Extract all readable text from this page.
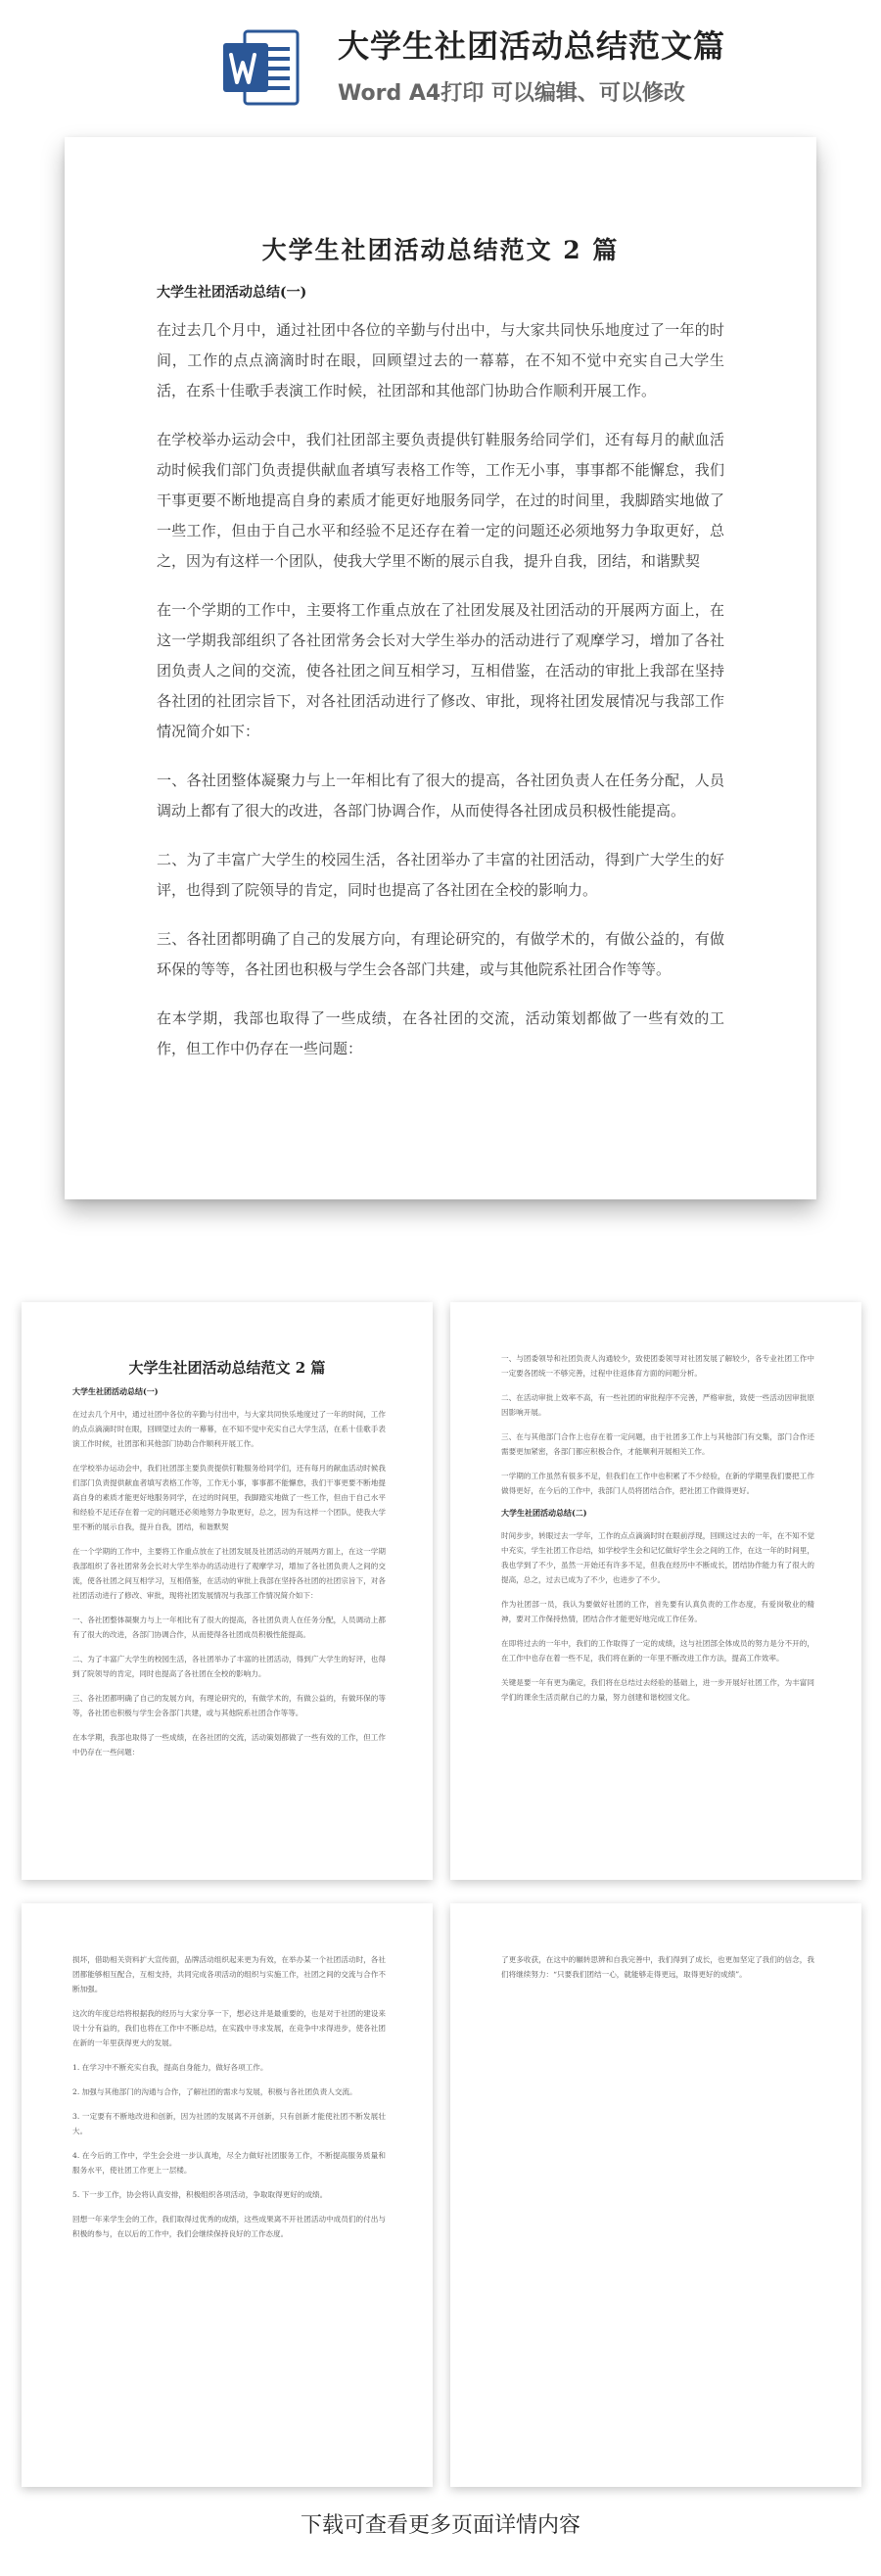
大学生社团活动总结范文篇
Word A4打印 可以编辑、可以修改
大学生社团活动总结范文 2 篇
大学生社团活动总结(一)

在过去几个月中，通过社团中各位的辛勤与付出中，与大家共同快乐地度过了一年的时间，工作的点点滴滴时时在眼，回顾望过去的一幕幕，在不知不觉中充实自己大学生活，在系十佳歌手表演工作时候，社团部和其他部门协助合作顺利开展工作。

在学校举办运动会中，我们社团部主要负责提供钉鞋服务给同学们，还有每月的献血活动时候我们部门负责提供献血者填写表格工作等，工作无小事，事事都不能懈怠，我们干事更要不断地提高自身的素质才能更好地服务同学，在过的时间里，我脚踏实地做了一些工作，但由于自己水平和经验不足还存在着一定的问题还必须地努力争取更好，总之，因为有这样一个团队，使我大学里不断的展示自我，提升自我，团结，和谐默契

在一个学期的工作中，主要将工作重点放在了社团发展及社团活动的开展两方面上，在这一学期我部组织了各社团常务会长对大学生举办的活动进行了观摩学习，增加了各社团负责人之间的交流，使各社团之间互相学习，互相借鉴，在活动的审批上我部在坚持各社团的社团宗旨下，对各社团活动进行了修改、审批，现将社团发展情况与我部工作情况简介如下：

一、各社团整体凝聚力与上一年相比有了很大的提高，各社团负责人在任务分配，人员调动上都有了很大的改进，各部门协调合作，从而使得各社团成员积极性能提高。

二、为了丰富广大学生的校园生活，各社团举办了丰富的社团活动，得到广大学生的好评，也得到了院领导的肯定，同时也提高了各社团在全校的影响力。

三、各社团都明确了自己的发展方向，有理论研究的，有做学术的，有做公益的，有做环保的等等，各社团也积极与学生会各部门共建，或与其他院系社团合作等等。

在本学期，我部也取得了一些成绩，在各社团的交流，活动策划都做了一些有效的工作，但工作中仍存在一些问题：

大学生社团活动总结范文 2 篇
大学生社团活动总结(一)

在过去几个月中，通过社团中各位的辛勤与付出中，与大家共同快乐地度过了一年的时间，工作的点点滴滴时时在眼，回顾望过去的一幕幕，在不知不觉中充实自己大学生活，在系十佳歌手表演工作时候，社团部和其他部门协助合作顺利开展工作。

在学校举办运动会中，我们社团部主要负责提供钉鞋服务给同学们，还有每月的献血活动时候我们部门负责提供献血者填写表格工作等，工作无小事，事事都不能懈怠，我们干事更要不断地提高自身的素质才能更好地服务同学，在过的时间里，我脚踏实地做了一些工作，但由于自己水平和经验不足还存在着一定的问题还必须地努力争取更好，总之，因为有这样一个团队，使我大学里不断的展示自我，提升自我，团结，和谐默契

在一个学期的工作中，主要将工作重点放在了社团发展及社团活动的开展两方面上，在这一学期我部组织了各社团常务会长对大学生举办的活动进行了观摩学习，增加了各社团负责人之间的交流，使各社团之间互相学习，互相借鉴，在活动的审批上我部在坚持各社团的社团宗旨下，对各社团活动进行了修改、审批，现将社团发展情况与我部工作情况简介如下：

一、各社团整体凝聚力与上一年相比有了很大的提高，各社团负责人在任务分配，人员调动上都有了很大的改进，各部门协调合作，从而使得各社团成员积极性能提高。

二、为了丰富广大学生的校园生活，各社团举办了丰富的社团活动，得到广大学生的好评，也得到了院领导的肯定，同时也提高了各社团在全校的影响力。

三、各社团都明确了自己的发展方向，有理论研究的，有做学术的，有做公益的，有做环保的等等，各社团也积极与学生会各部门共建，或与其他院系社团合作等等。

在本学期，我部也取得了一些成绩，在各社团的交流，活动策划都做了一些有效的工作，但工作中仍存在一些问题：

一、与团委领导和社团负责人沟通较少，致使团委领导对社团发展了解较少，各专业社团工作中一定要各团统一不够完善，过程中往返体育方面的问题分析。

二、在活动审批上效率不高，有一些社团的审批程序不完善，严格审批，致使一些活动因审批原因影响开展。

三、在与其他部门合作上也存在着一定问题，由于社团多工作上与其他部门有交集，部门合作还需要更加紧密，各部门都应积极合作，才能顺利开展相关工作。

一学期的工作虽然有很多不足，但我们在工作中也积累了不少经验，在新的学期里我们要把工作做得更好，在今后的工作中，我部门人员将团结合作，把社团工作做得更好。

大学生社团活动总结(二)

时间步步，转眼过去一学年，工作的点点滴滴时时在眼前浮现，回顾这过去的一年，在不知不觉中充实，学生社团工作总结，如学校学生会和记忆做好学生会之间的工作，在这一年的时间里，我也学到了不少，虽然一开始还有许多不足，但我在经历中不断成长，团结协作能力有了很大的提高，总之，过去已成为了不少，也进步了不少。

作为社团部一员，我认为要做好社团的工作，首先要有认真负责的工作态度，有爱岗敬业的精神，要对工作保持热情，团结合作才能更好地完成工作任务。

在即将过去的一年中，我们的工作取得了一定的成绩，这与社团部全体成员的努力是分不开的，在工作中也存在着一些不足，我们将在新的一年里不断改进工作方法，提高工作效率。

关键是要一年有更为确定，我们将在总结过去经验的基础上，进一步开展好社团工作，为丰富同学们的课余生活贡献自己的力量，努力创建和谐校园文化。

损坏，借助相关资料扩大宣传面，品牌活动组织起来更为有效，在举办某一个社团活动时，各社团都能够相互配合，互相支持，共同完成各项活动的组织与实施工作，社团之间的交流与合作不断加强。

这次的年度总结将根据我的经历与大家分享一下，想必这并是最重要的，也是对于社团的建设来说十分有益的，我们也将在工作中不断总结，在实践中寻求发展，在竞争中求得进步，使各社团在新的一年里获得更大的发展。

1. 在学习中不断充实自我，提高自身能力，做好各项工作。

2. 加强与其他部门的沟通与合作，了解社团的需求与发展，积极与各社团负责人交流。

3. 一定要有不断地改进和创新，因为社团的发展离不开创新，只有创新才能使社团不断发展壮大。

4. 在今后的工作中，学生会会进一步认真地，尽全力做好社团服务工作，不断提高服务质量和服务水平，使社团工作更上一层楼。

5. 下一步工作，协会将认真安排，积极组织各项活动，争取取得更好的成绩。

回想一年来学生会的工作，我们取得过优秀的成绩，这些成果离不开社团活动中成员们的付出与积极的参与，在以后的工作中，我们会继续保持良好的工作态度。

了更多收获，在这中的辗转思辨和自我完善中，我们得到了成长，也更加坚定了我们的信念，我们将继续努力：“只要我们团结一心，就能够走得更远，取得更好的成绩”。

下载可查看更多页面详情内容
